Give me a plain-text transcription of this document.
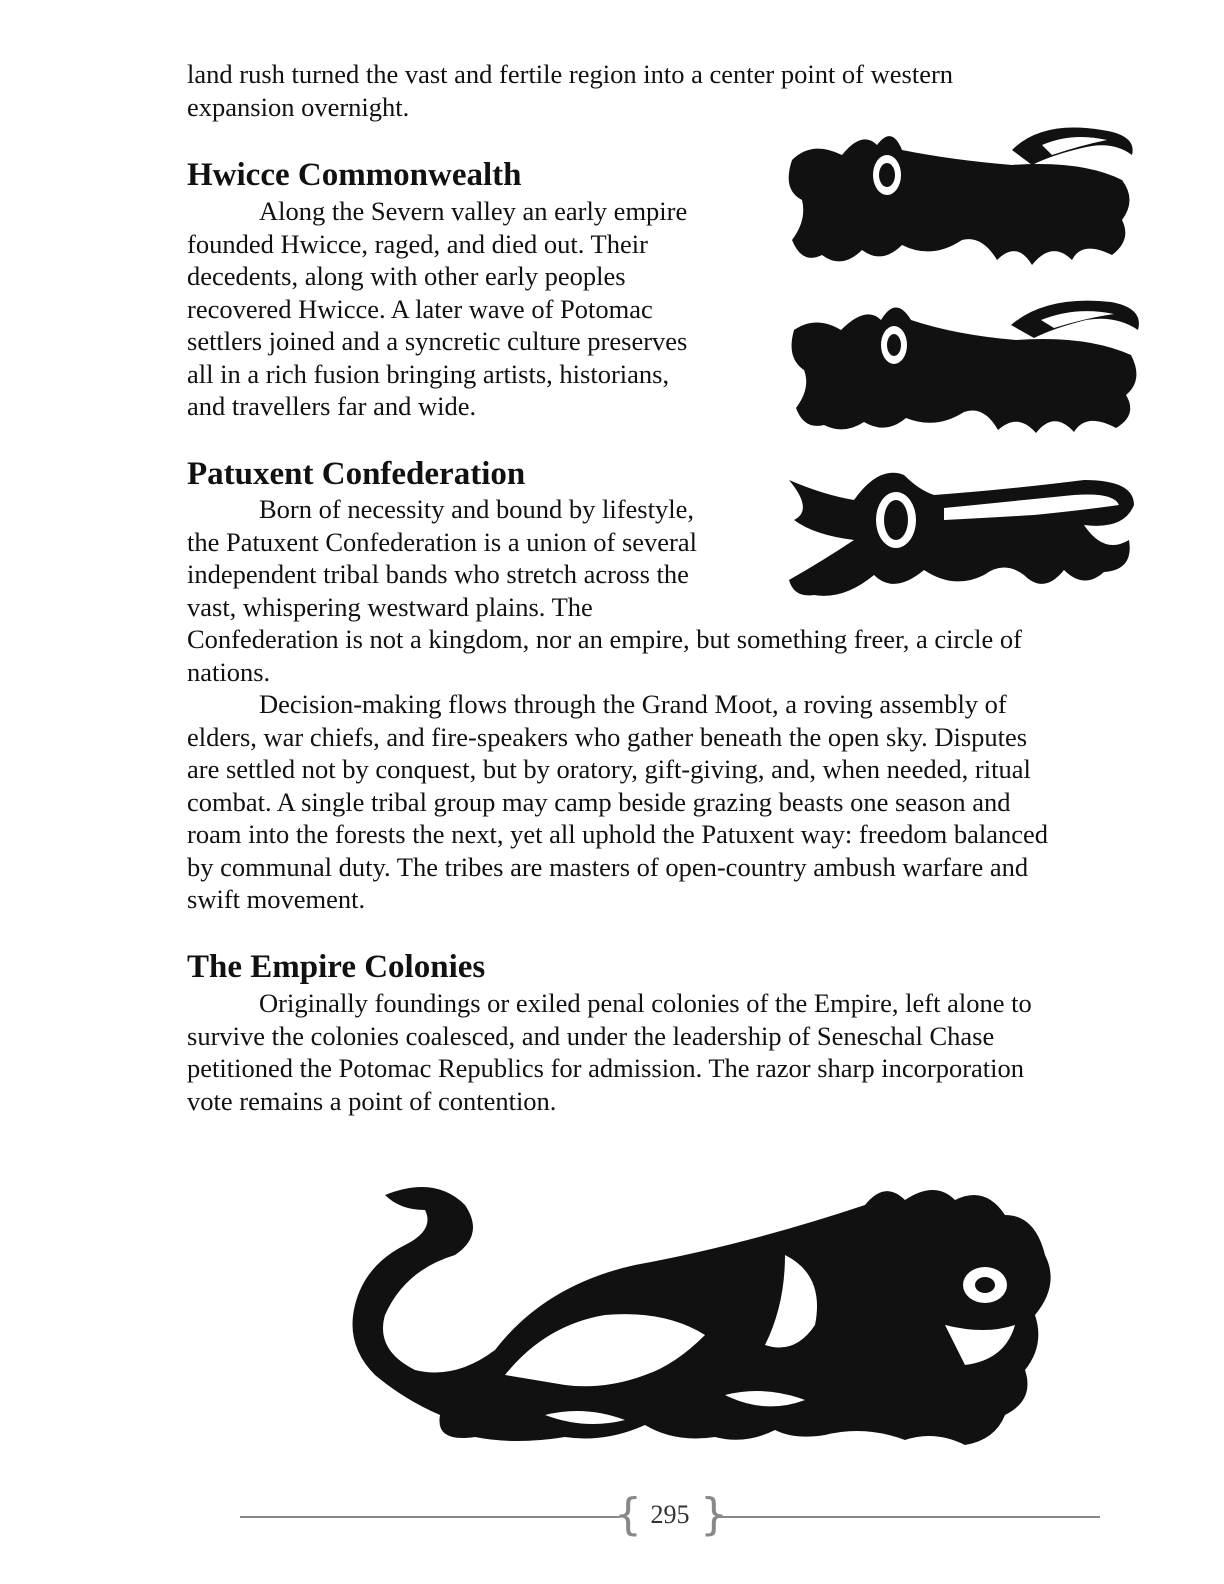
land rush turned the vast and fertile region into a center point of western
expansion overnight.
Hwicce Commonwealth
Along the Severn valley an early empire
founded Hwicce, raged, and died out. Their
decedents, along with other early peoples
recovered Hwicce. A later wave of Potomac
settlers joined and a syncretic culture preserves
all in a rich fusion bringing artists, historians,
and travellers far and wide.
Patuxent Confederation
Born of necessity and bound by lifestyle,
the Patuxent Confederation is a union of several
independent tribal bands who stretch across the
vast, whispering westward plains. The
Confederation is not a kingdom, nor an empire, but something freer, a circle of
nations.
Decision-making flows through the Grand Moot, a roving assembly of
elders, war chiefs, and fire-speakers who gather beneath the open sky. Disputes
are settled not by conquest, but by oratory, gift-giving, and, when needed, ritual
combat. A single tribal group may camp beside grazing beasts one season and
roam into the forests the next, yet all uphold the Patuxent way: freedom balanced
by communal duty. The tribes are masters of open-country ambush warfare and
swift movement.
The Empire Colonies
Originally foundings or exiled penal colonies of the Empire, left alone to
survive the colonies coalesced, and under the leadership of Seneschal Chase
petitioned the Potomac Republics for admission. The razor sharp incorporation
vote remains a point of contention.
{ }
295
